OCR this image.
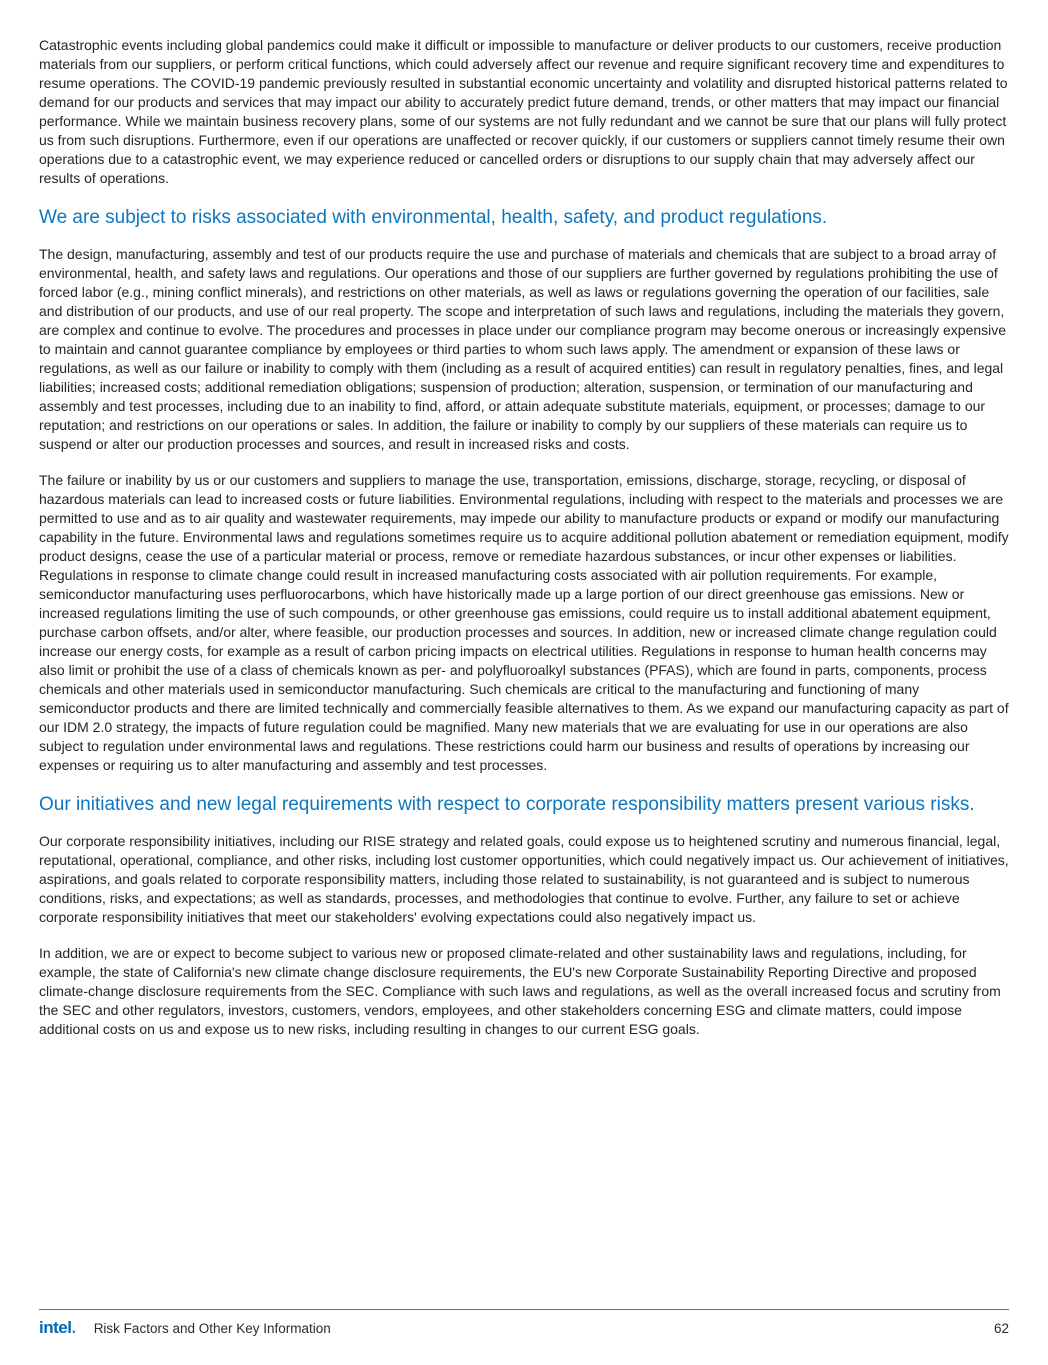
Catastrophic events including global pandemics could make it difficult or impossible to manufacture or deliver products to our customers, receive production materials from our suppliers, or perform critical functions, which could adversely affect our revenue and require significant recovery time and expenditures to resume operations. The COVID-19 pandemic previously resulted in substantial economic uncertainty and volatility and disrupted historical patterns related to demand for our products and services that may impact our ability to accurately predict future demand, trends, or other matters that may impact our financial performance. While we maintain business recovery plans, some of our systems are not fully redundant and we cannot be sure that our plans will fully protect us from such disruptions. Furthermore, even if our operations are unaffected or recover quickly, if our customers or suppliers cannot timely resume their own operations due to a catastrophic event, we may experience reduced or cancelled orders or disruptions to our supply chain that may adversely affect our results of operations.

We are subject to risks associated with environmental, health, safety, and product regulations.

The design, manufacturing, assembly and test of our products require the use and purchase of materials and chemicals that are subject to a broad array of environmental, health, and safety laws and regulations. Our operations and those of our suppliers are further governed by regulations prohibiting the use of forced labor (e.g., mining conflict minerals), and restrictions on other materials, as well as laws or regulations governing the operation of our facilities, sale and distribution of our products, and use of our real property. The scope and interpretation of such laws and regulations, including the materials they govern, are complex and continue to evolve. The procedures and processes in place under our compliance program may become onerous or increasingly expensive to maintain and cannot guarantee compliance by employees or third parties to whom such laws apply. The amendment or expansion of these laws or regulations, as well as our failure or inability to comply with them (including as a result of acquired entities) can result in regulatory penalties, fines, and legal liabilities; increased costs; additional remediation obligations; suspension of production; alteration, suspension, or termination of our manufacturing and assembly and test processes, including due to an inability to find, afford, or attain adequate substitute materials, equipment, or processes; damage to our reputation; and restrictions on our operations or sales. In addition, the failure or inability to comply by our suppliers of these materials can require us to suspend or alter our production processes and sources, and result in increased risks and costs.

The failure or inability by us or our customers and suppliers to manage the use, transportation, emissions, discharge, storage, recycling, or disposal of hazardous materials can lead to increased costs or future liabilities. Environmental regulations, including with respect to the materials and processes we are permitted to use and as to air quality and wastewater requirements, may impede our ability to manufacture products or expand or modify our manufacturing capability in the future. Environmental laws and regulations sometimes require us to acquire additional pollution abatement or remediation equipment, modify product designs, cease the use of a particular material or process, remove or remediate hazardous substances, or incur other expenses or liabilities. Regulations in response to climate change could result in increased manufacturing costs associated with air pollution requirements. For example, semiconductor manufacturing uses perfluorocarbons, which have historically made up a large portion of our direct greenhouse gas emissions. New or increased regulations limiting the use of such compounds, or other greenhouse gas emissions, could require us to install additional abatement equipment, purchase carbon offsets, and/or alter, where feasible, our production processes and sources. In addition, new or increased climate change regulation could increase our energy costs, for example as a result of carbon pricing impacts on electrical utilities. Regulations in response to human health concerns may also limit or prohibit the use of a class of chemicals known as per- and polyfluoroalkyl substances (PFAS), which are found in parts, components, process chemicals and other materials used in semiconductor manufacturing. Such chemicals are critical to the manufacturing and functioning of many semiconductor products and there are limited technically and commercially feasible alternatives to them. As we expand our manufacturing capacity as part of our IDM 2.0 strategy, the impacts of future regulation could be magnified. Many new materials that we are evaluating for use in our operations are also subject to regulation under environmental laws and regulations. These restrictions could harm our business and results of operations by increasing our expenses or requiring us to alter manufacturing and assembly and test processes.

Our initiatives and new legal requirements with respect to corporate responsibility matters present various risks.

Our corporate responsibility initiatives, including our RISE strategy and related goals, could expose us to heightened scrutiny and numerous financial, legal, reputational, operational, compliance, and other risks, including lost customer opportunities, which could negatively impact us. Our achievement of initiatives, aspirations, and goals related to corporate responsibility matters, including those related to sustainability, is not guaranteed and is subject to numerous conditions, risks, and expectations; as well as standards, processes, and methodologies that continue to evolve. Further, any failure to set or achieve corporate responsibility initiatives that meet our stakeholders' evolving expectations could also negatively impact us.

In addition, we are or expect to become subject to various new or proposed climate-related and other sustainability laws and regulations, including, for example, the state of California's new climate change disclosure requirements, the EU's new Corporate Sustainability Reporting Directive and proposed climate-change disclosure requirements from the SEC. Compliance with such laws and regulations, as well as the overall increased focus and scrutiny from the SEC and other regulators, investors, customers, vendors, employees, and other stakeholders concerning ESG and climate matters, could impose additional costs on us and expose us to new risks, including resulting in changes to our current ESG goals.

intel. Risk Factors and Other Key Information	62
